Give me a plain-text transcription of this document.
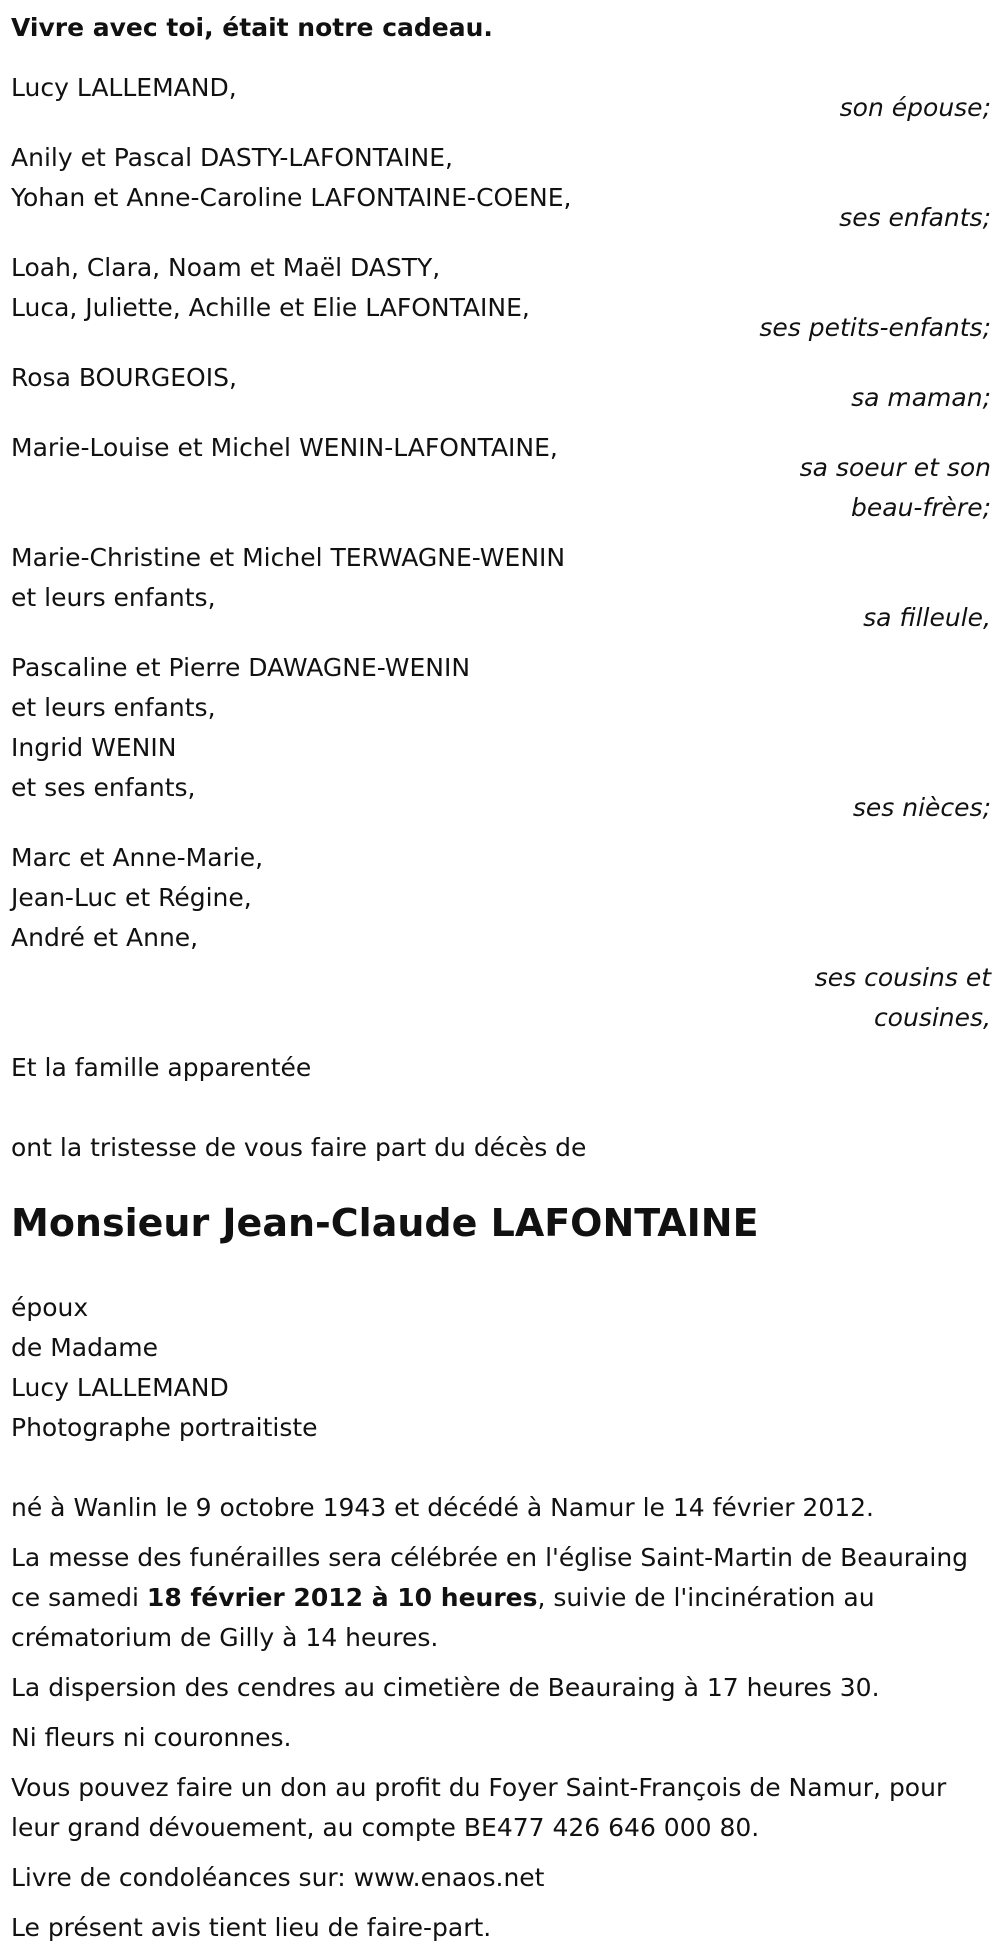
Vivre avec toi, était notre cadeau.
Lucy LALLEMAND,
son épouse;
Anily et Pascal DASTY-LAFONTAINE,
Yohan et Anne-Caroline LAFONTAINE-COENE,
ses enfants;
Loah, Clara, Noam et Maël DASTY,
Luca, Juliette, Achille et Elie LAFONTAINE,
ses petits-enfants;
Rosa BOURGEOIS,
sa maman;
Marie-Louise et Michel WENIN-LAFONTAINE,
sa soeur et son beau-frère;
Marie-Christine et Michel TERWAGNE-WENIN
et leurs enfants,
sa filleule,
Pascaline et Pierre DAWAGNE-WENIN
et leurs enfants,
Ingrid WENIN
et ses enfants,
ses nièces;
Marc et Anne-Marie,
Jean-Luc et Régine,
André et Anne,
ses cousins et cousines,
Et la famille apparentée
ont la tristesse de vous faire part du décès de
Monsieur Jean-Claude LAFONTAINE
époux
de Madame
Lucy LALLEMAND
Photographe portraitiste
né à Wanlin le 9 octobre 1943 et décédé à Namur le 14 février 2012.
La messe des funérailles sera célébrée en l'église Saint-Martin de Beauraing ce samedi 18 février 2012 à 10 heures, suivie de l'incinération au crématorium de Gilly à 14 heures.
La dispersion des cendres au cimetière de Beauraing à 17 heures 30.
Ni fleurs ni couronnes.
Vous pouvez faire un don au profit du Foyer Saint-François de Namur, pour leur grand dévouement, au compte BE477 426 646 000 80.
Livre de condoléances sur: www.enaos.net
Le présent avis tient lieu de faire-part.
